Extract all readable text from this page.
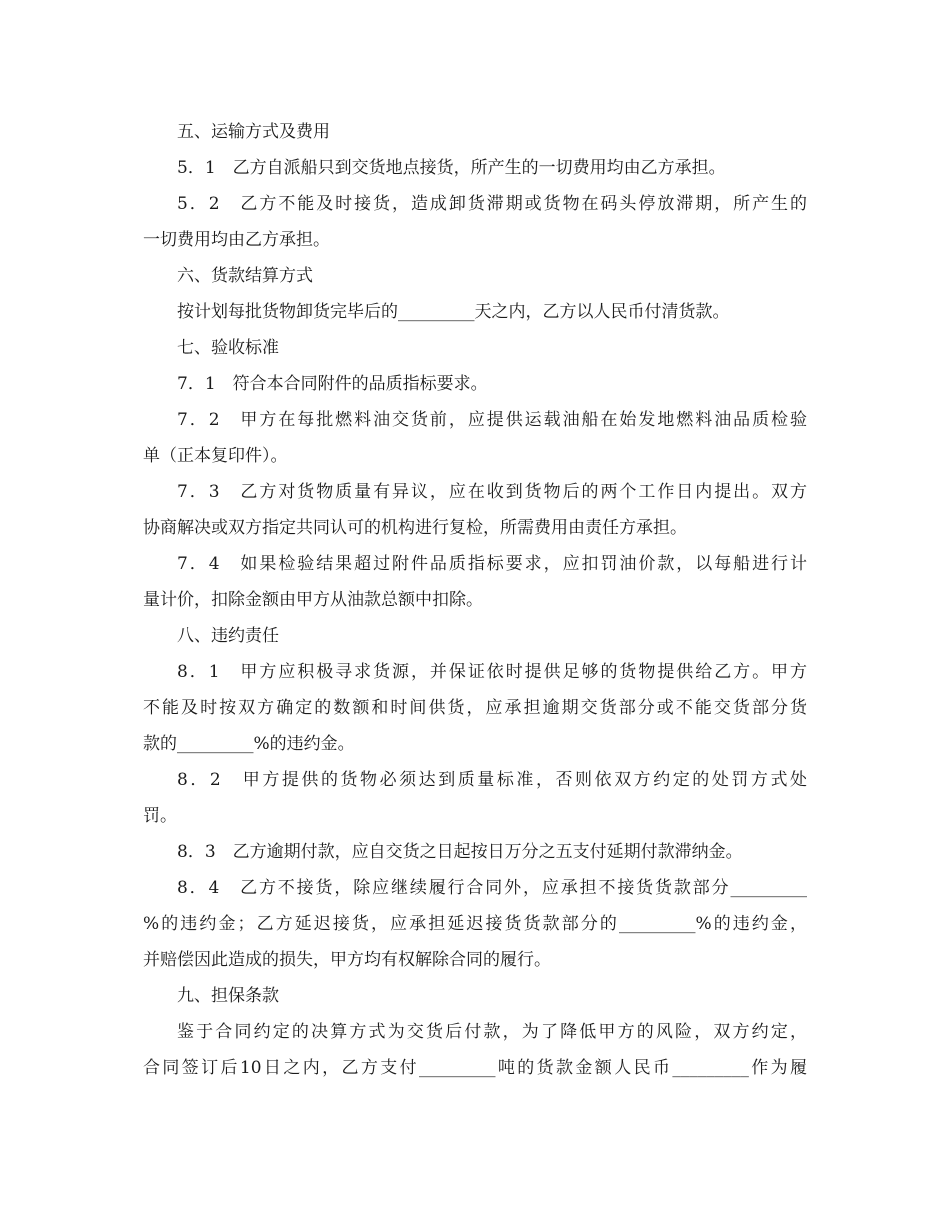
五、运输方式及费用

5．1　乙方自派船只到交货地点接货，所产生的一切费用均由乙方承担。

5．2　乙方不能及时接货，造成卸货滞期或货物在码头停放滞期，所产生的

一切费用均由乙方承担。

六、货款结算方式

按计划每批货物卸货完毕后的_________天之内，乙方以人民币付清货款。

七、验收标准

7．1　符合本合同附件的品质指标要求。

7．2　甲方在每批燃料油交货前，应提供运载油船在始发地燃料油品质检验

单（正本复印件）。

7．3　乙方对货物质量有异议，应在收到货物后的两个工作日内提出。双方

协商解决或双方指定共同认可的机构进行复检，所需费用由责任方承担。

7．4　如果检验结果超过附件品质指标要求，应扣罚油价款，以每船进行计

量计价，扣除金额由甲方从油款总额中扣除。

八、违约责任

8．1　甲方应积极寻求货源，并保证依时提供足够的货物提供给乙方。甲方

不能及时按双方确定的数额和时间供货，应承担逾期交货部分或不能交货部分货

款的_________%的违约金。

8．2　甲方提供的货物必须达到质量标准，否则依双方约定的处罚方式处

罚。

8．3　乙方逾期付款，应自交货之日起按日万分之五支付延期付款滞纳金。

8．4　乙方不接货，除应继续履行合同外，应承担不接货货款部分_________

%的违约金；乙方延迟接货，应承担延迟接货货款部分的_________%的违约金，

并赔偿因此造成的损失，甲方均有权解除合同的履行。

九、担保条款

鉴于合同约定的决算方式为交货后付款，为了降低甲方的风险，双方约定，

合同签订后10日之内，乙方支付_________吨的货款金额人民币_________作为履
